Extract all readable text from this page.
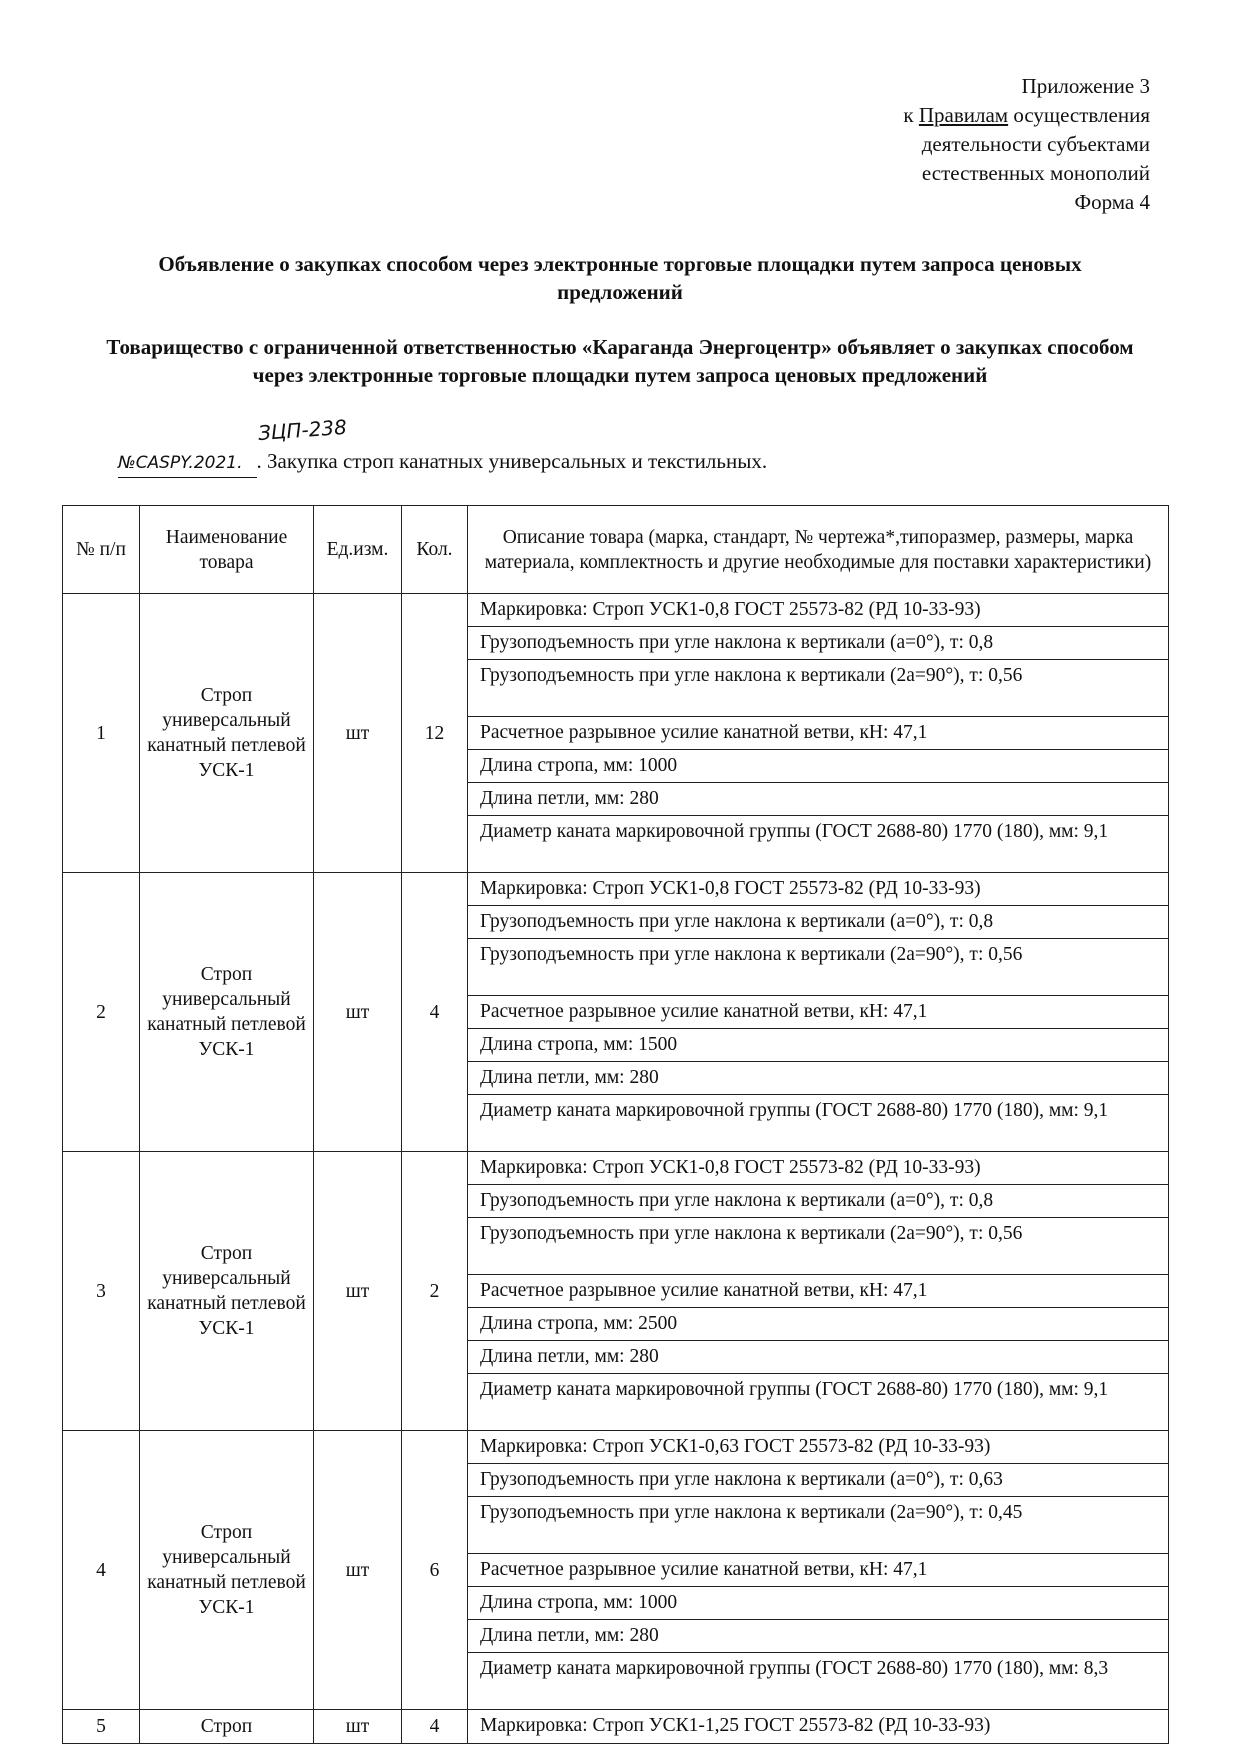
Приложение 3
к Правилам осуществления
деятельности субъектами
естественных монополий
Форма 4
Объявление о закупках способом через электронные торговые площадки путем запроса ценовых предложений
Товарищество с ограниченной ответственностью «Караганда Энергоцентр» объявляет о закупках способом через электронные торговые площадки путем запроса ценовых предложений
ЗЦП-238
№CASPY.2021. . Закупка строп канатных универсальных и текстильных.
№ п/п	Наименование товара	Ед.изм.	Кол.	Описание товара (марка, стандарт, № чертежа*,типоразмер, размеры, марка материала, комплектность и другие необходимые для поставки характеристики)
1	Строп универсальный канатный петлевой УСК-1	шт	12	Маркировка: Строп УСК1-0,8 ГОСТ 25573-82 (РД 10-33-93)
				Грузоподъемность при угле наклона к вертикали (a=0°), т: 0,8
				Грузоподъемность при угле наклона к вертикали (2a=90°), т: 0,56
				Расчетное разрывное усилие канатной ветви, кН: 47,1
				Длина стропа, мм: 1000
				Длина петли, мм: 280
				Диаметр каната маркировочной группы (ГОСТ 2688-80) 1770 (180), мм: 9,1
2	Строп универсальный канатный петлевой УСК-1	шт	4	Маркировка: Строп УСК1-0,8 ГОСТ 25573-82 (РД 10-33-93)
				Грузоподъемность при угле наклона к вертикали (a=0°), т: 0,8
				Грузоподъемность при угле наклона к вертикали (2a=90°), т: 0,56
				Расчетное разрывное усилие канатной ветви, кН: 47,1
				Длина стропа, мм: 1500
				Длина петли, мм: 280
				Диаметр каната маркировочной группы (ГОСТ 2688-80) 1770 (180), мм: 9,1
3	Строп универсальный канатный петлевой УСК-1	шт	2	Маркировка: Строп УСК1-0,8 ГОСТ 25573-82 (РД 10-33-93)
				Грузоподъемность при угле наклона к вертикали (a=0°), т: 0,8
				Грузоподъемность при угле наклона к вертикали (2a=90°), т: 0,56
				Расчетное разрывное усилие канатной ветви, кН: 47,1
				Длина стропа, мм: 2500
				Длина петли, мм: 280
				Диаметр каната маркировочной группы (ГОСТ 2688-80) 1770 (180), мм: 9,1
4	Строп универсальный канатный петлевой УСК-1	шт	6	Маркировка: Строп УСК1-0,63 ГОСТ 25573-82 (РД 10-33-93)
				Грузоподъемность при угле наклона к вертикали (a=0°), т: 0,63
				Грузоподъемность при угле наклона к вертикали (2a=90°), т: 0,45
				Расчетное разрывное усилие канатной ветви, кН: 47,1
				Длина стропа, мм: 1000
				Длина петли, мм: 280
				Диаметр каната маркировочной группы (ГОСТ 2688-80) 1770 (180), мм: 8,3
5	Строп	шт	4	Маркировка: Строп УСК1-1,25 ГОСТ 25573-82 (РД 10-33-93)
